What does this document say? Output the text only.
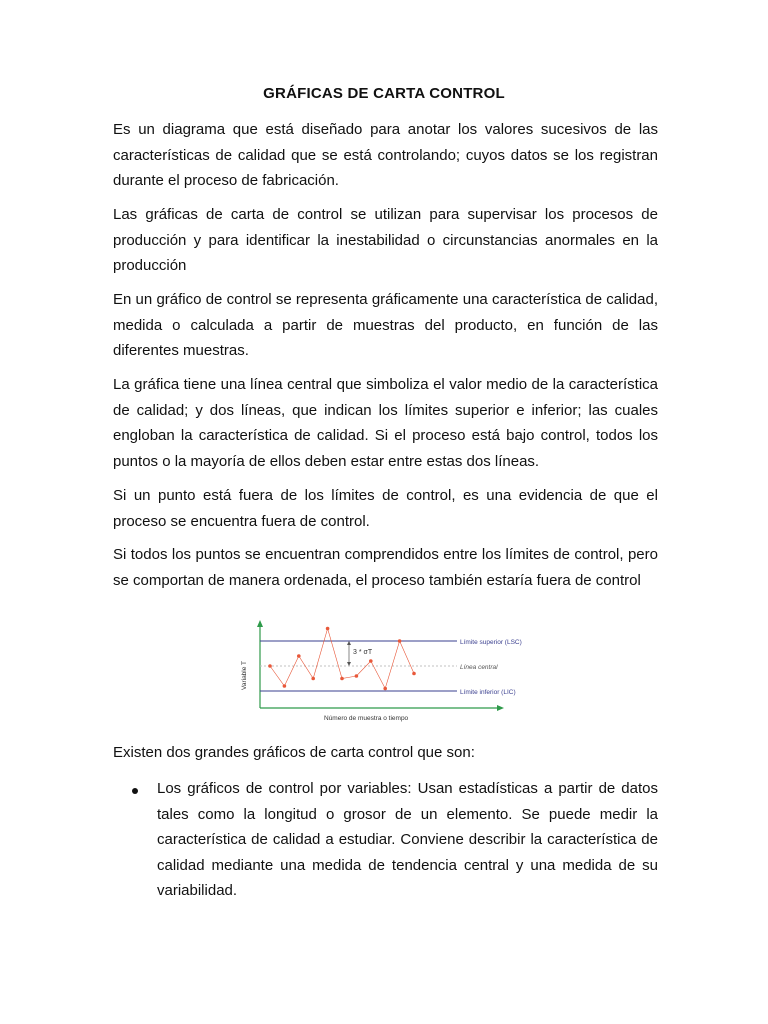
GRÁFICAS DE CARTA CONTROL

Es un diagrama que está diseñado para anotar los valores sucesivos de las características de calidad que se está controlando; cuyos datos se los registran durante el proceso de fabricación.

Las gráficas de carta de control se utilizan para supervisar los procesos de producción y para identificar la inestabilidad o circunstancias anormales en la producción

En un gráfico de control se representa gráficamente una característica de calidad, medida o calculada a partir de muestras del producto, en función de las diferentes muestras.

La gráfica tiene una línea central que simboliza el valor medio de la característica de calidad; y dos líneas, que indican los límites superior e inferior; las cuales engloban la característica de calidad. Si el proceso está bajo control, todos los puntos o la mayoría de ellos deben estar entre estas dos líneas.

Si un punto está fuera de los límites de control, es una evidencia de que el proceso se encuentra fuera de control.

Si todos los puntos se encuentran comprendidos entre los límites de control, pero se comportan de manera ordenada, el proceso también estaría fuera de control

3 * σT
Límite superior (LSC)
Línea central
Límite inferior (LIC)
Número de muestra o tiempo
Variable T

Existen dos grandes gráficos de carta control que son:

Los gráficos de control por variables: Usan estadísticas a partir de datos tales como la longitud o grosor de un elemento. Se puede medir la característica de calidad a estudiar. Conviene describir la característica de calidad mediante una medida de tendencia central y una medida de su variabilidad.
